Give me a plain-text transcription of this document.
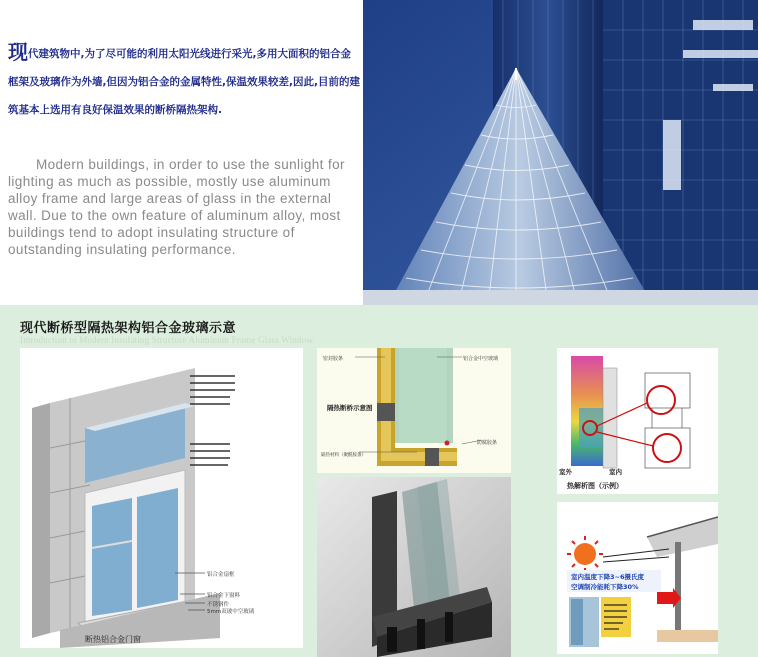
现代建筑物中,为了尽可能的利用太阳光线进行采光,多用大面积的铝合金框架及玻璃作为外墙,但因为铝合金的金属特性,保温效果较差,因此,目前的建筑基本上选用有良好保温效果的断桥隔热架构.

Modern buildings, in order to use the sunlight for lighting as much as possible, mostly use aluminum alloy frame and large areas of glass in the external wall. Due to the own feature of aluminum alloy, most buildings tend to adopt insulating structure of outstanding insulating performance.

现代断桥型隔热架构铝合金玻璃示意
Introduction to Modern Insulating Structure Aluminum Frame Glass Window
铝合金扇框
铝合金下窗料
不锈钢件
5mm双玻中空玻璃
断热铝合金门窗
密封胶条	铝合金中空玻璃
隔热断桥示意图
隔热材料（聚酰胺条）
防腐胶条
室外	室内
热解析图（示例）
室内温度下降3~6摄氏度
空调制冷能耗下降30%
